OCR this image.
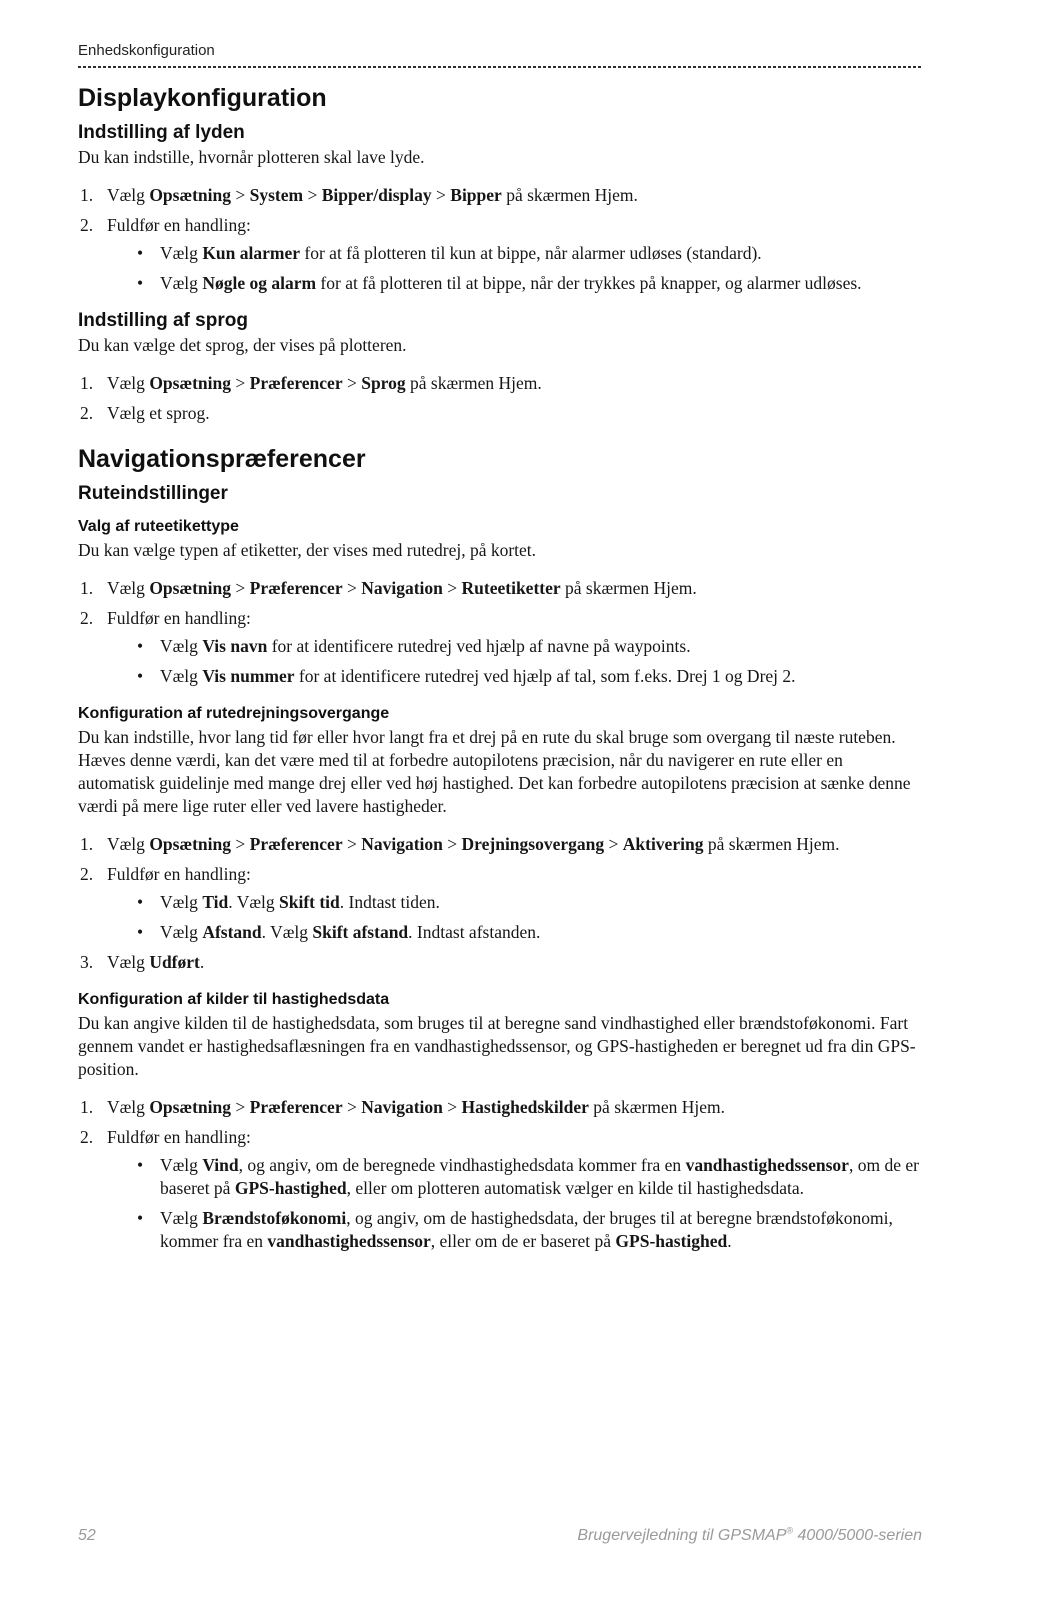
Enhedskonfiguration
Displaykonfiguration
Indstilling af lyden
Du kan indstille, hvornår plotteren skal lave lyde.
1. Vælg Opsætning > System > Bipper/display > Bipper på skærmen Hjem.
2. Fuldfør en handling:
• Vælg Kun alarmer for at få plotteren til kun at bippe, når alarmer udløses (standard).
• Vælg Nøgle og alarm for at få plotteren til at bippe, når der trykkes på knapper, og alarmer udløses.
Indstilling af sprog
Du kan vælge det sprog, der vises på plotteren.
1. Vælg Opsætning > Præferencer > Sprog på skærmen Hjem.
2. Vælg et sprog.
Navigationspræferencer
Ruteindstillinger
Valg af ruteetikettype
Du kan vælge typen af etiketter, der vises med rutedrej, på kortet.
1. Vælg Opsætning > Præferencer > Navigation > Ruteetiketter på skærmen Hjem.
2. Fuldfør en handling:
• Vælg Vis navn for at identificere rutedrej ved hjælp af navne på waypoints.
• Vælg Vis nummer for at identificere rutedrej ved hjælp af tal, som f.eks. Drej 1 og Drej 2.
Konfiguration af rutedrejningsovergange
Du kan indstille, hvor lang tid før eller hvor langt fra et drej på en rute du skal bruge som overgang til næste ruteben. Hæves denne værdi, kan det være med til at forbedre autopilotens præcision, når du navigerer en rute eller en automatisk guidelinje med mange drej eller ved høj hastighed. Det kan forbedre autopilotens præcision at sænke denne værdi på mere lige ruter eller ved lavere hastigheder.
1. Vælg Opsætning > Præferencer > Navigation > Drejningsovergang > Aktivering på skærmen Hjem.
2. Fuldfør en handling:
• Vælg Tid. Vælg Skift tid. Indtast tiden.
• Vælg Afstand. Vælg Skift afstand. Indtast afstanden.
3. Vælg Udført.
Konfiguration af kilder til hastighedsdata
Du kan angive kilden til de hastighedsdata, som bruges til at beregne sand vindhastighed eller brændstoføkonomi. Fart gennem vandet er hastighedsaflæsningen fra en vandhastighedssensor, og GPS-hastigheden er beregnet ud fra din GPS-position.
1. Vælg Opsætning > Præferencer > Navigation > Hastighedskilder på skærmen Hjem.
2. Fuldfør en handling:
• Vælg Vind, og angiv, om de beregnede vindhastighedsdata kommer fra en vandhastighedssensor, om de er baseret på GPS-hastighed, eller om plotteren automatisk vælger en kilde til hastighedsdata.
• Vælg Brændstoføkonomi, og angiv, om de hastighedsdata, der bruges til at beregne brændstoføkonomi, kommer fra en vandhastighedssensor, eller om de er baseret på GPS-hastighed.
52	Brugervejledning til GPSMAP® 4000/5000-serien
